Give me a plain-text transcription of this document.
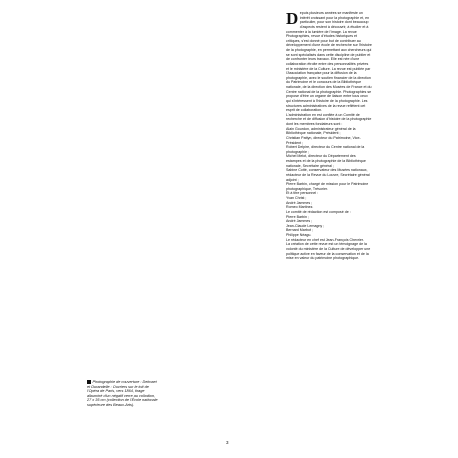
Depuis plusieurs années se manifeste un intérêt croissant pour la photographie et, en particulier, pour son histoire dont beaucoup d'aspects restent à découvrir, à étudier et à commenter à la lumière de l'image. La revue Photographies, revue d'études historiques et critiques, s'est donné pour but de contribuer au développement d'une école de recherche sur l'histoire de la photographie, en permettant aux chercheurs qui se sont spécialisés dans cette discipline de publier et de confronter leurs travaux. Elle est née d'une collaboration étroite entre des personnalités privées et le ministère de la Culture. La revue est publiée par l'Association française pour la diffusion de la photographie, avec le soutien financier de la direction du Patrimoine et le concours de la Bibliothèque nationale, de la direction des Musées de France et du Centre national de la photographie. Photographies se propose d'être un organe de liaison entre tous ceux qui s'intéressent à l'histoire de la photographie. Les structures administratives de la revue reflètent cet esprit de collaboration.

L'administration en est confiée à un Comité de recherche et de diffusion d'histoire de la photographie dont les membres fondateurs sont :

Alain Gourdon, administrateur général de la Bibliothèque nationale, Président ;

Christian Pattyn, directeur du Patrimoine, Vice-Président ;

Robert Delpire, directeur du Centre national de la photographie ;

Michel Melot, directeur du Département des estampes et de la photographie de la Bibliothèque nationale, Secrétaire général ;

Sabine Cotté, conservateur des Musées nationaux, rédacteur de la Revue du Louvre, Secrétaire général adjoint ;

Pierre Barbin, chargé de mission pour le Patrimoine photographique, Trésorier.

Et à titre personnel :

Yvan Christ ;

André Jammes ;

Romeo Martinez.

Le comité de rédaction est composé de :

Pierre Barbin ;

André Jammes ;

Jean-Claude Lemagny ;

Bernard Marbot ;

Philippe Néagu.

Le rédacteur en chef est Jean-François Chevrier.

La création de cette revue est un témoignage de la volonté du ministère de la Culture de développer une politique active en faveur de la conservation et de la mise en valeur du patrimoine photographique.

Photographie de couverture : Delmaet et Durandelle : Ouvriers sur le toit de l'Opéra de Paris, vers 1864, tirage albuminé d'un négatif verre au collodion, 27 x 35 cm (collection de l'École nationale supérieure des Beaux-Arts).
3
